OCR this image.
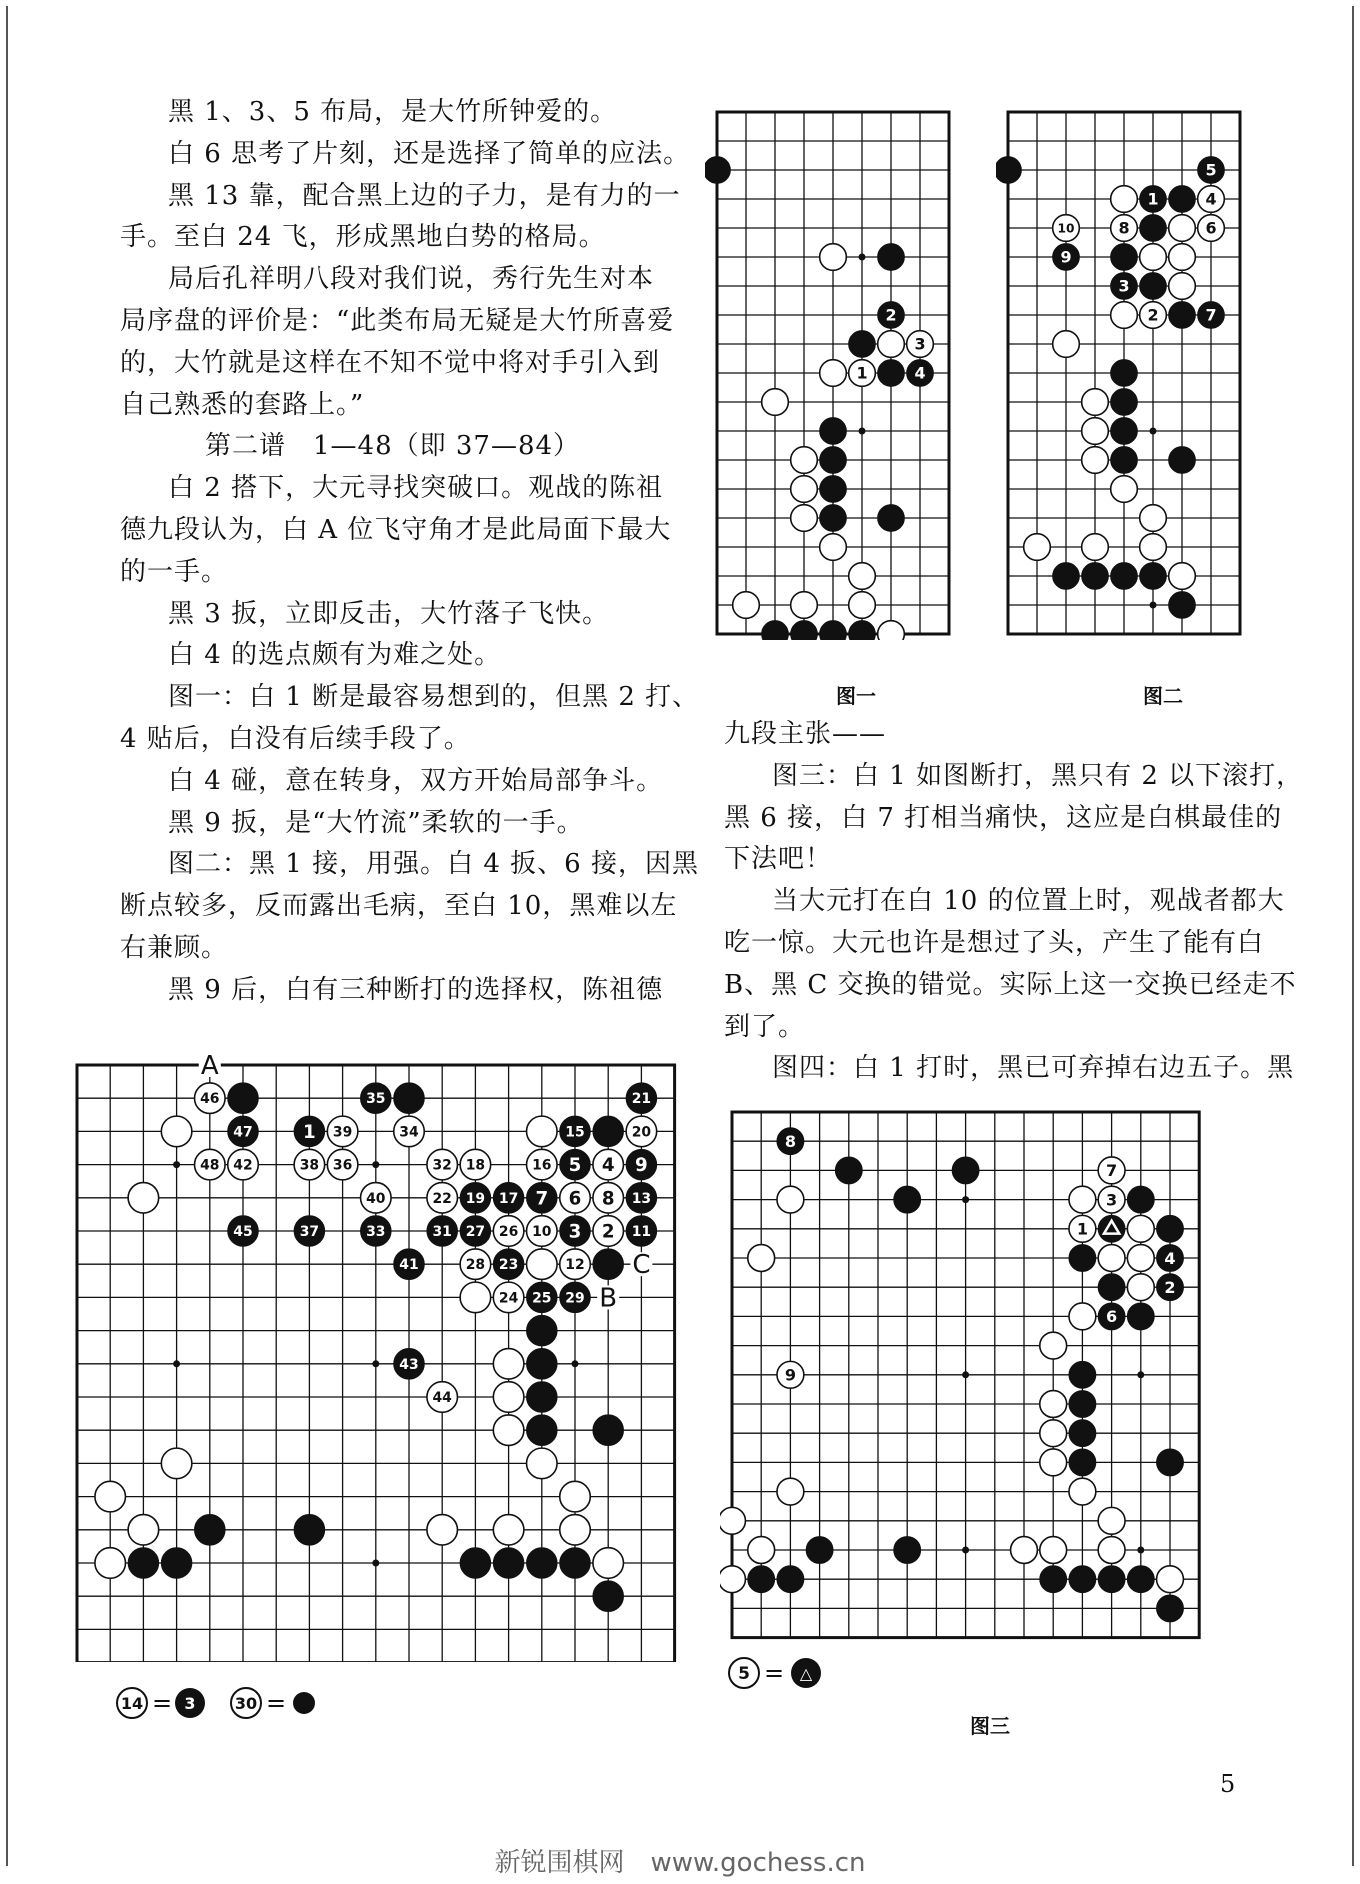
黑 1、3、5 布局，是大竹所钟爱的。

白 6 思考了片刻，还是选择了简单的应法。

黑 13 靠，配合黑上边的子力，是有力的一

手。至白 24 飞，形成黑地白势的格局。

局后孔祥明八段对我们说，秀行先生对本

局序盘的评价是：“此类布局无疑是大竹所喜爱

的，大竹就是这样在不知不觉中将对手引入到

自己熟悉的套路上。”

第二谱　1—48（即 37—84）

白 2 搭下，大元寻找突破口。观战的陈祖

德九段认为，白 A 位飞守角才是此局面下最大

的一手。

黑 3 扳，立即反击，大竹落子飞快。

白 4 的选点颇有为难之处。

图一：白 1 断是最容易想到的，但黑 2 打、

4 贴后，白没有后续手段了。

白 4 碰，意在转身，双方开始局部争斗。

黑 9 扳，是“大竹流”柔软的一手。

图二：黑 1 接，用强。白 4 扳、6 接，因黑

断点较多，反而露出毛病，至白 10，黑难以左

右兼顾。

黑 9 后，白有三种断打的选择权，陈祖德

九段主张——

图三：白 1 如图断打，黑只有 2 以下滚打，

黑 6 接，白 7 打相当痛快，这应是白棋最佳的

下法吧！

当大元打在白 10 的位置上时，观战者都大

吃一惊。大元也许是想过了头，产生了能有白

B、黑 C 交换的错觉。实际上这一交换已经走不

到了。

图四：白 1 打时，黑已可弃掉右边五子。黑

2
3
1	4
5
1	4
10	8	6
9
3
2	7
A
C
B
46	35	21
47	1 39	34	15	20
48 42	38 36	32 18	16 5 4 9
40	22 19 17 7 6 8 13
45	37	33	31 27 26 10 3 2 11
41	28 23	12
24 25 29
43
44
8
7
3
1
4
2
6
9
图一	图二
图三
14 = 3 30 =
5 = △
5
新锐围棋网　www.gochess.cn
